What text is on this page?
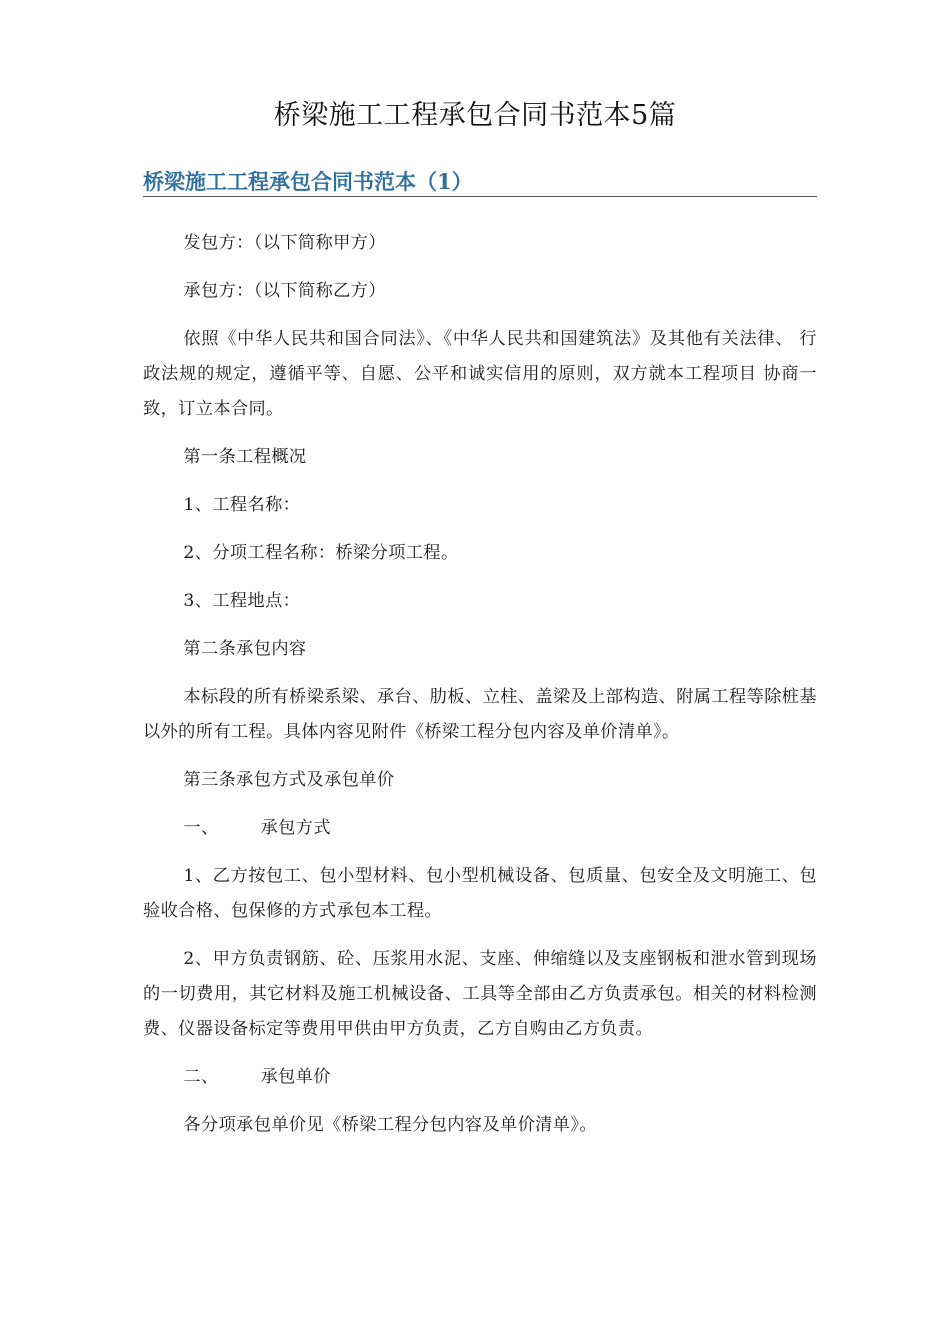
桥梁施工工程承包合同书范本5篇
桥梁施工工程承包合同书范本（1）

发包方：（以下简称甲方）

承包方：（以下简称乙方）

依照《中华人民共和国合同法》、《中华人民共和国建筑法》及其他有关法律、 行政法规的规定，遵循平等、自愿、公平和诚实信用的原则，双方就本工程项目 协商一致，订立本合同。

第一条工程概况

1、工程名称：

2、分项工程名称：桥梁分项工程。

3、工程地点：

第二条承包内容

本标段的所有桥梁系梁、承台、肋板、立柱、盖梁及上部构造、附属工程等除桩基以外的所有工程。具体内容见附件《桥梁工程分包内容及单价清单》。

第三条承包方式及承包单价

一、 承包方式

1、乙方按包工、包小型材料、包小型机械设备、包质量、包安全及文明施工、包验收合格、包保修的方式承包本工程。

2、甲方负责钢筋、砼、压浆用水泥、支座、伸缩缝以及支座钢板和泄水管到现场的一切费用，其它材料及施工机械设备、工具等全部由乙方负责承包。相关的材料检测费、仪器设备标定等费用甲供由甲方负责，乙方自购由乙方负责。

二、 承包单价

各分项承包单价见《桥梁工程分包内容及单价清单》。
